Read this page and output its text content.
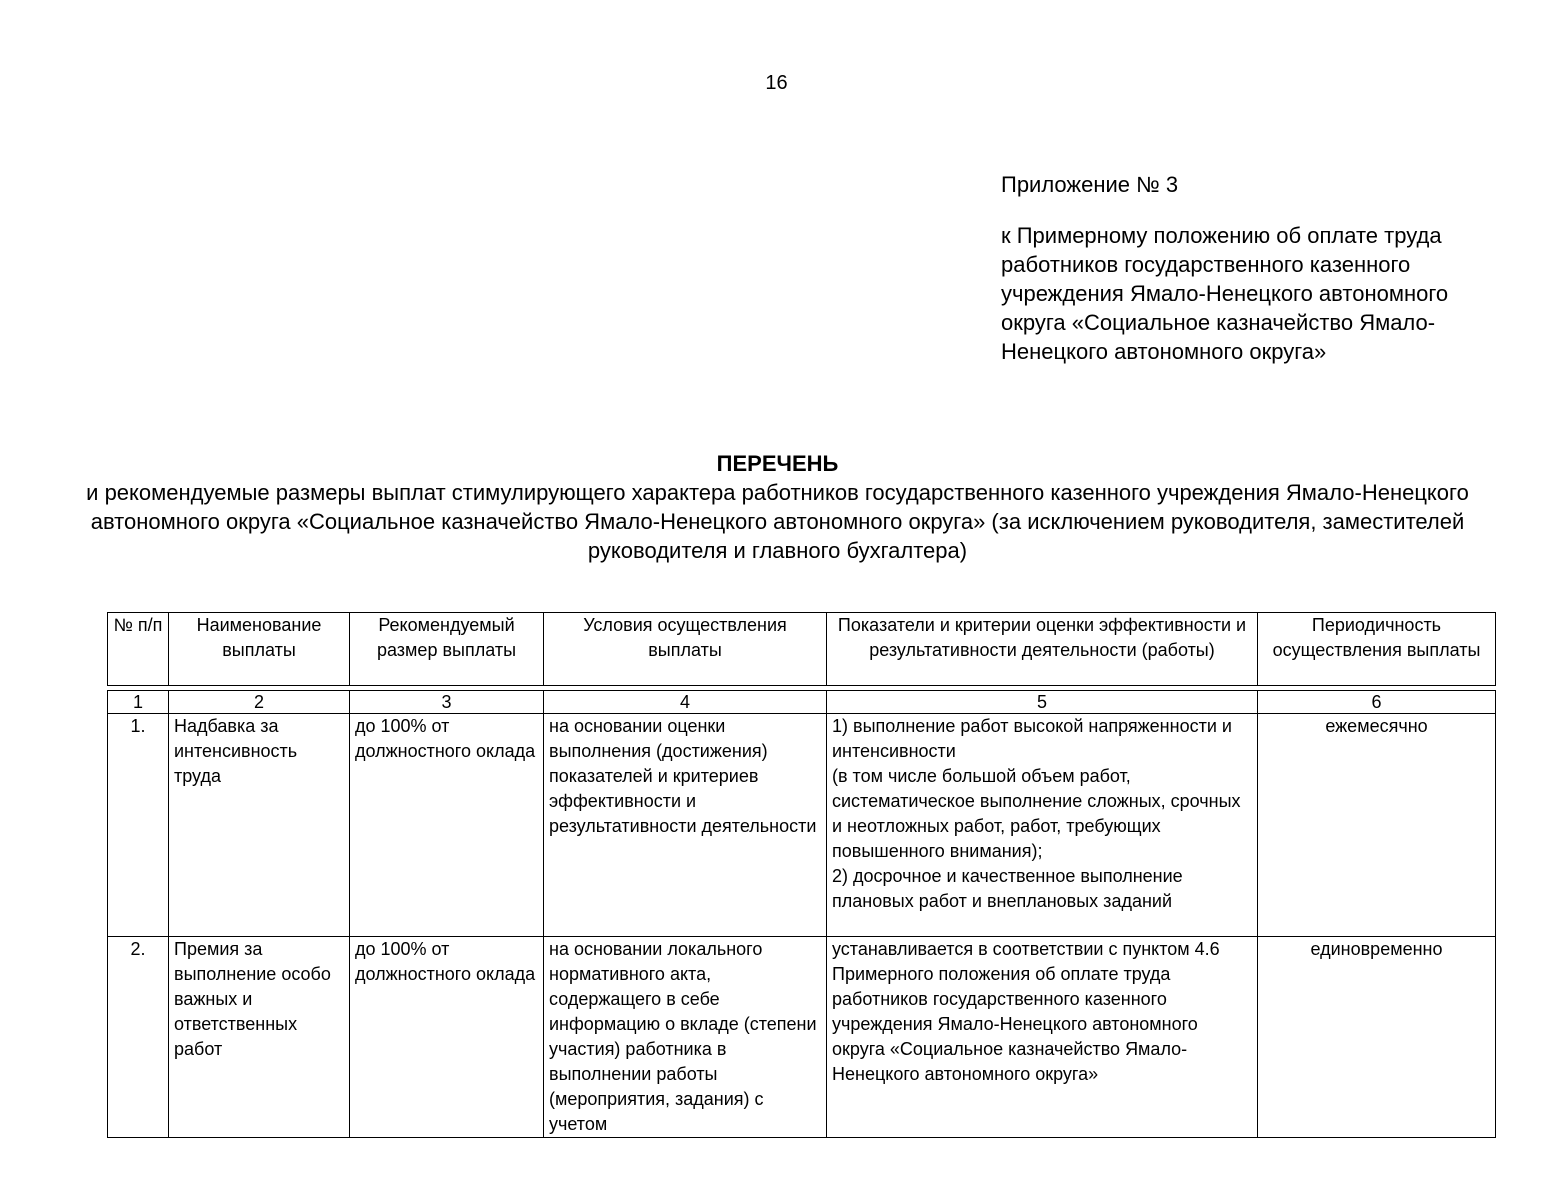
16
Приложение № 3
к Примерному положению об оплате труда работников государственного казенного учреждения Ямало-Ненецкого автономного округа «Социальное казначейство Ямало-Ненецкого автономного округа»
ПЕРЕЧЕНЬ
и рекомендуемые размеры выплат стимулирующего характера работников государственного казенного учреждения Ямало-Ненецкого автономного округа «Социальное казначейство Ямало-Ненецкого автономного округа» (за исключением руководителя, заместителей руководителя и главного бухгалтера)
№ п/п	Наименование выплаты	Рекомендуемый размер выплаты	Условия осуществления выплаты	Показатели и критерии оценки эффективности и результативности деятельности (работы)	Периодичность осуществления выплаты

1	2	3	4	5	6
1.	Надбавка за интенсивность труда	до 100% от должностного оклада	на основании оценки выполнения (достижения) показателей и критериев эффективности и результативности деятельности	1) выполнение работ высокой напряженности и интенсивности
(в том числе большой объем работ, систематическое выполнение сложных, срочных и неотложных работ, работ, требующих повышенного внимания);
2) досрочное и качественное выполнение плановых работ и внеплановых заданий	ежемесячно
2.	Премия за выполнение особо важных и ответственных работ	до 100% от должностного оклада	на основании локального нормативного акта, содержащего в себе информацию о вкладе (степени участия) работника в выполнении работы (мероприятия, задания) с учетом	устанавливается в соответствии с пунктом 4.6 Примерного положения об оплате труда работников государственного казенного учреждения Ямало-Ненецкого автономного округа «Социальное казначейство Ямало-Ненецкого автономного округа»	единовременно
